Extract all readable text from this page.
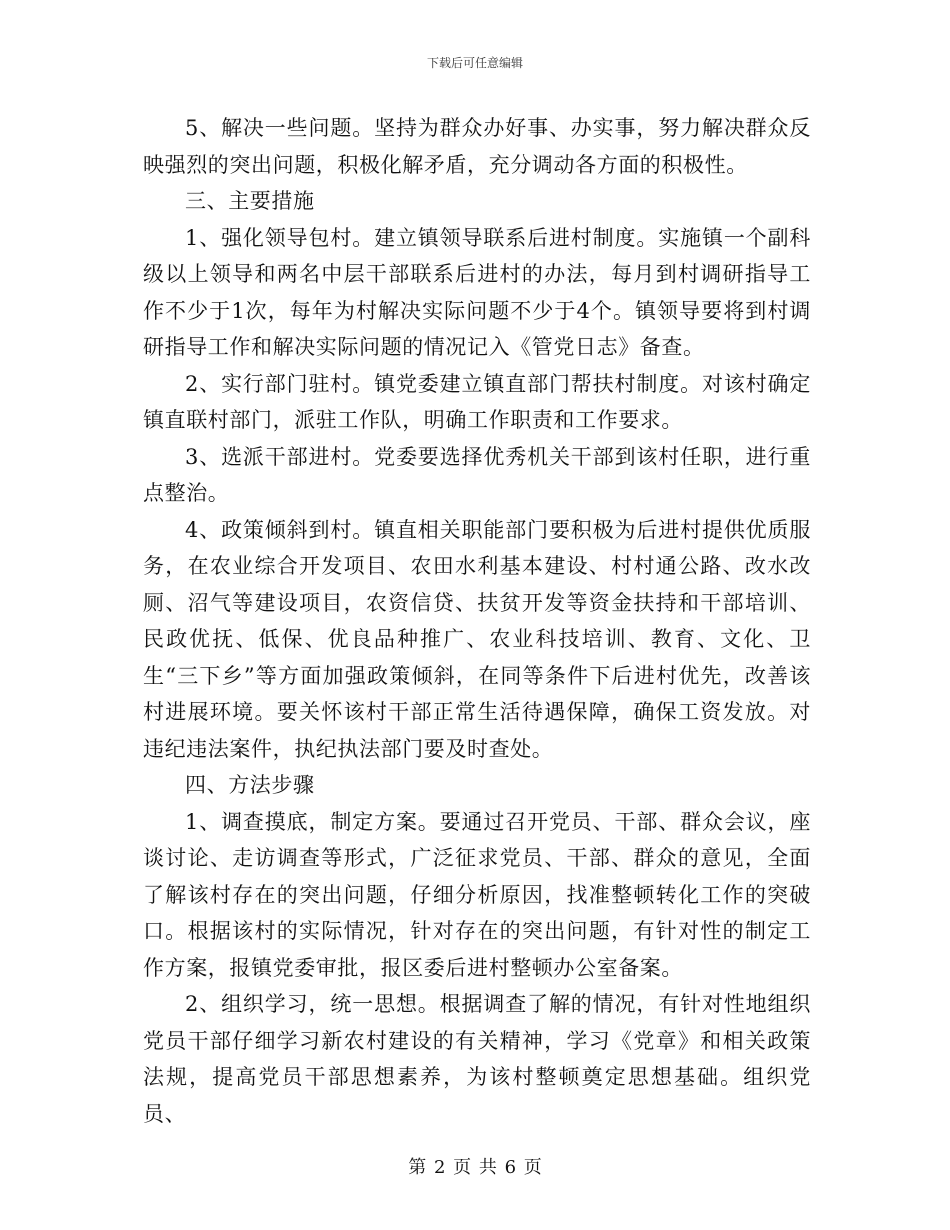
下载后可任意编辑

5、解决一些问题。坚持为群众办好事、办实事，努力解决群众反映强烈的突出问题，积极化解矛盾，充分调动各方面的积极性。

三、主要措施

1、强化领导包村。建立镇领导联系后进村制度。实施镇一个副科级以上领导和两名中层干部联系后进村的办法，每月到村调研指导工作不少于1次，每年为村解决实际问题不少于4个。镇领导要将到村调研指导工作和解决实际问题的情况记入《管党日志》备查。

2、实行部门驻村。镇党委建立镇直部门帮扶村制度。对该村确定镇直联村部门，派驻工作队，明确工作职责和工作要求。

3、选派干部进村。党委要选择优秀机关干部到该村任职，进行重点整治。

4、政策倾斜到村。镇直相关职能部门要积极为后进村提供优质服务，在农业综合开发项目、农田水利基本建设、村村通公路、改水改厕、沼气等建设项目，农资信贷、扶贫开发等资金扶持和干部培训、民政优抚、低保、优良品种推广、农业科技培训、教育、文化、卫生“三下乡”等方面加强政策倾斜，在同等条件下后进村优先，改善该村进展环境。要关怀该村干部正常生活待遇保障，确保工资发放。对违纪违法案件，执纪执法部门要及时查处。

四、方法步骤

1、调查摸底，制定方案。要通过召开党员、干部、群众会议，座谈讨论、走访调查等形式，广泛征求党员、干部、群众的意见，全面了解该村存在的突出问题，仔细分析原因，找准整顿转化工作的突破口。根据该村的实际情况，针对存在的突出问题，有针对性的制定工作方案，报镇党委审批，报区委后进村整顿办公室备案。

2、组织学习，统一思想。根据调查了解的情况，有针对性地组织党员干部仔细学习新农村建设的有关精神，学习《党章》和相关政策法规，提高党员干部思想素养，为该村整顿奠定思想基础。组织党员、

第 2 页 共 6 页
